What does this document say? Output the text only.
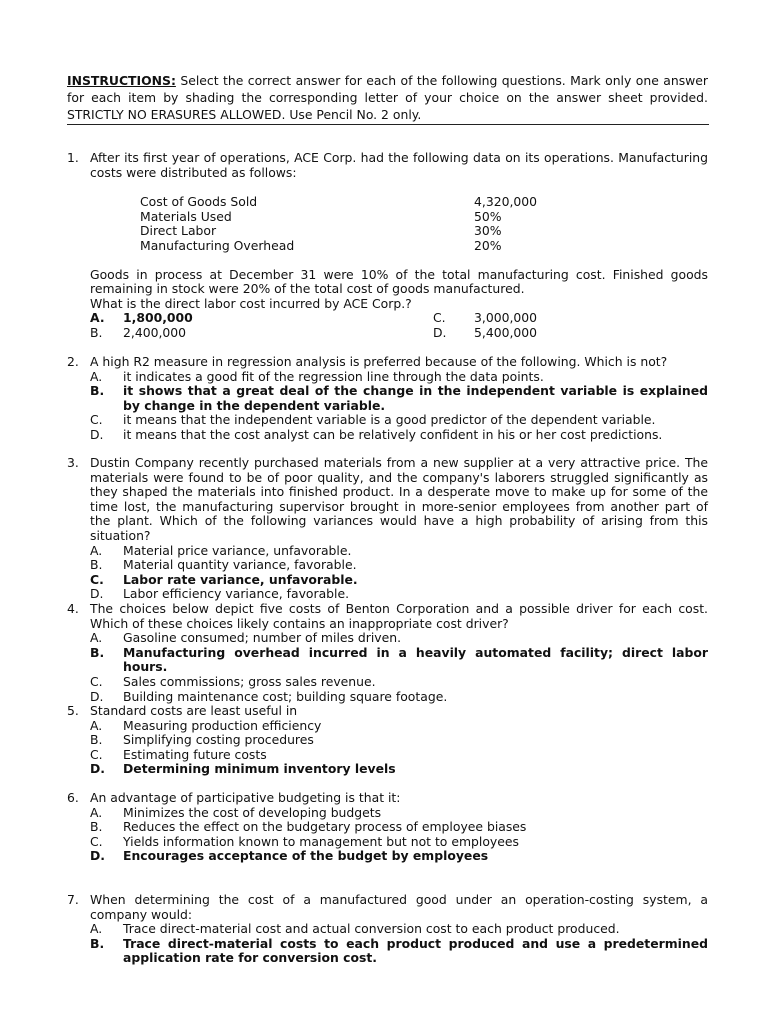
INSTRUCTIONS: Select the correct answer for each of the following questions. Mark only one answer for each item by shading the corresponding letter of your choice on the answer sheet provided. STRICTLY NO ERASURES ALLOWED. Use Pencil No. 2 only.
1. After its first year of operations, ACE Corp. had the following data on its operations. Manufacturing costs were distributed as follows:
Cost of Goods Sold	4,320,000
Materials Used	50%
Direct Labor	30%
Manufacturing Overhead	20%
Goods in process at December 31 were 10% of the total manufacturing cost. Finished goods remaining in stock were 20% of the total cost of goods manufactured.
What is the direct labor cost incurred by ACE Corp.?
A.	1,800,000	C. 3,000,000
B.	2,400,000	D. 5,400,000
2. A high R2 measure in regression analysis is preferred because of the following. Which is not?
A.	it indicates a good fit of the regression line through the data points.
B.	it shows that a great deal of the change in the independent variable is explained by change in the dependent variable.
C.	it means that the independent variable is a good predictor of the dependent variable.
D.	it means that the cost analyst can be relatively confident in his or her cost predictions.
3. Dustin Company recently purchased materials from a new supplier at a very attractive price. The materials were found to be of poor quality, and the company's laborers struggled significantly as they shaped the materials into finished product. In a desperate move to make up for some of the time lost, the manufacturing supervisor brought in more-senior employees from another part of the plant. Which of the following variances would have a high probability of arising from this situation?
A.	Material price variance, unfavorable.
B.	Material quantity variance, favorable.
C.	Labor rate variance, unfavorable.
D.	Labor efficiency variance, favorable.
4. The choices below depict five costs of Benton Corporation and a possible driver for each cost. Which of these choices likely contains an inappropriate cost driver?
A.	Gasoline consumed; number of miles driven.
B.	Manufacturing overhead incurred in a heavily automated facility; direct labor hours.
C.	Sales commissions; gross sales revenue.
D.	Building maintenance cost; building square footage.
5. Standard costs are least useful in
A.	Measuring production efficiency
B.	Simplifying costing procedures
C.	Estimating future costs
D.	Determining minimum inventory levels
6. An advantage of participative budgeting is that it:
A.	Minimizes the cost of developing budgets
B.	Reduces the effect on the budgetary process of employee biases
C.	Yields information known to management but not to employees
D.	Encourages acceptance of the budget by employees
7. When determining the cost of a manufactured good under an operation-costing system, a company would:
A.	Trace direct-material cost and actual conversion cost to each product produced.
B.	Trace direct-material costs to each product produced and use a predetermined application rate for conversion cost.
